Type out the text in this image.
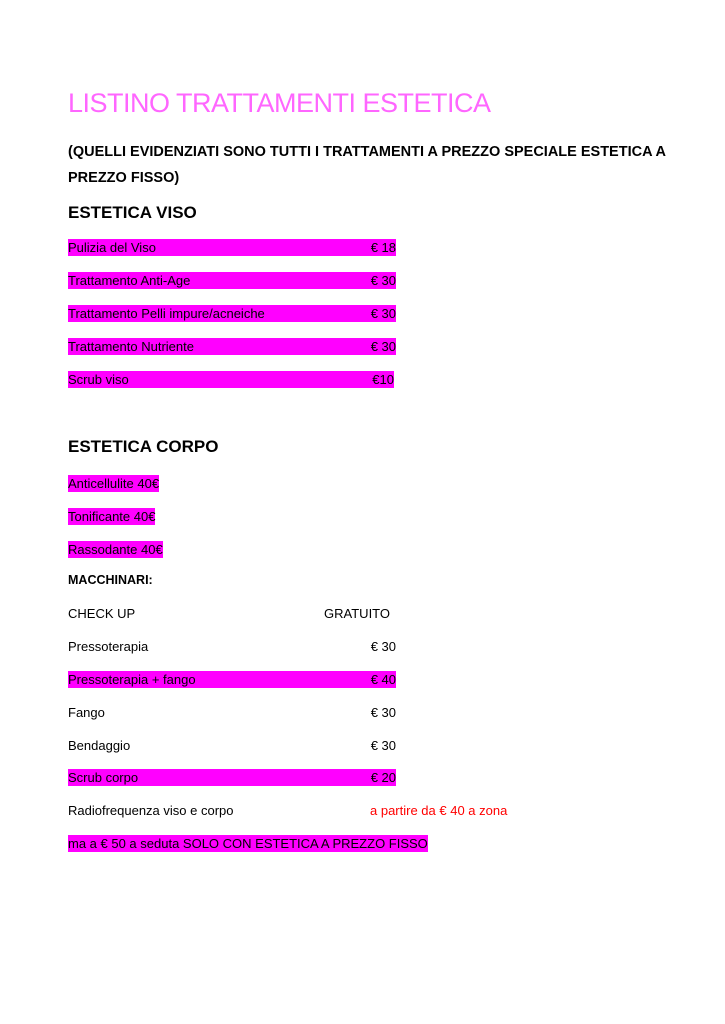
LISTINO TRATTAMENTI ESTETICA

(QUELLI EVIDENZIATI SONO TUTTI I TRATTAMENTI A PREZZO SPECIALE ESTETICA A PREZZO FISSO)

ESTETICA VISO
Pulizia del Viso	€ 18
Trattamento Anti-Age	€ 30
Trattamento Pelli impure/acneiche	€ 30
Trattamento Nutriente	€ 30
Scrub viso	€10
ESTETICA CORPO
Anticellulite 40€
Tonificante 40€
Rassodante 40€
MACCHINARI:
CHECK UP	GRATUITO
Pressoterapia	€ 30
Pressoterapia + fango	€ 40
Fango	€ 30
Bendaggio	€ 30
Scrub corpo	€ 20
Radiofrequenza viso e corpo	a partire da € 40 a zona
ma a € 50 a seduta SOLO CON ESTETICA A PREZZO FISSO
